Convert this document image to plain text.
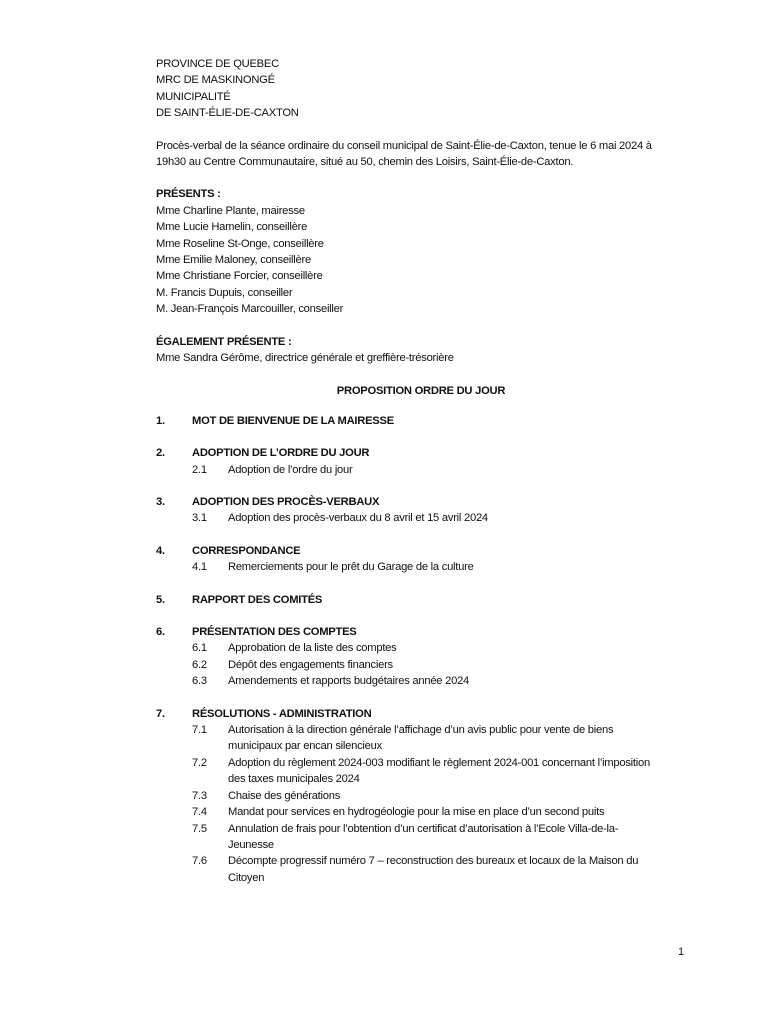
PROVINCE DE QUEBEC
MRC DE MASKINONGÉ
MUNICIPALITÉ
DE SAINT-ÉLIE-DE-CAXTON
Procès-verbal de la séance ordinaire du conseil municipal de Saint-Élie-de-Caxton, tenue le 6 mai 2024 à
19h30 au Centre Communautaire, situé au 50, chemin des Loisirs, Saint-Élie-de-Caxton.
PRÉSENTS :
Mme Charline Plante, mairesse
Mme Lucie Hamelin, conseillère
Mme Roseline St-Onge, conseillère
Mme Emilie Maloney, conseillère
Mme Christiane Forcier, conseillère
M. Francis Dupuis, conseiller
M. Jean-François Marcouiller, conseiller
ÉGALEMENT PRÉSENTE :
Mme Sandra Gérôme, directrice générale et greffière-trésorière
PROPOSITION ORDRE DU JOUR
1. MOT DE BIENVENUE DE LA MAIRESSE
2. ADOPTION DE L’ORDRE DU JOUR
2.1 Adoption de l’ordre du jour
3. ADOPTION DES PROCÈS-VERBAUX
3.1 Adoption des procès-verbaux du 8 avril et 15 avril 2024
4. CORRESPONDANCE
4.1 Remerciements pour le prêt du Garage de la culture
5. RAPPORT DES COMITÉS
6. PRÉSENTATION DES COMPTES
6.1 Approbation de la liste des comptes
6.2 Dépôt des engagements financiers
6.3 Amendements et rapports budgétaires année 2024
7. RÉSOLUTIONS - ADMINISTRATION
7.1 Autorisation à la direction générale l’affichage d’un avis public pour vente de biens
municipaux par encan silencieux
7.2 Adoption du règlement 2024-003 modifiant le règlement 2024-001 concernant l’imposition
des taxes municipales 2024
7.3 Chaise des générations
7.4 Mandat pour services en hydrogéologie pour la mise en place d’un second puits
7.5 Annulation de frais pour l’obtention d’un certificat d’autorisation à l’Ecole Villa-de-la-
Jeunesse
7.6 Décompte progressif numéro 7 – reconstruction des bureaux et locaux de la Maison du
Citoyen
1
